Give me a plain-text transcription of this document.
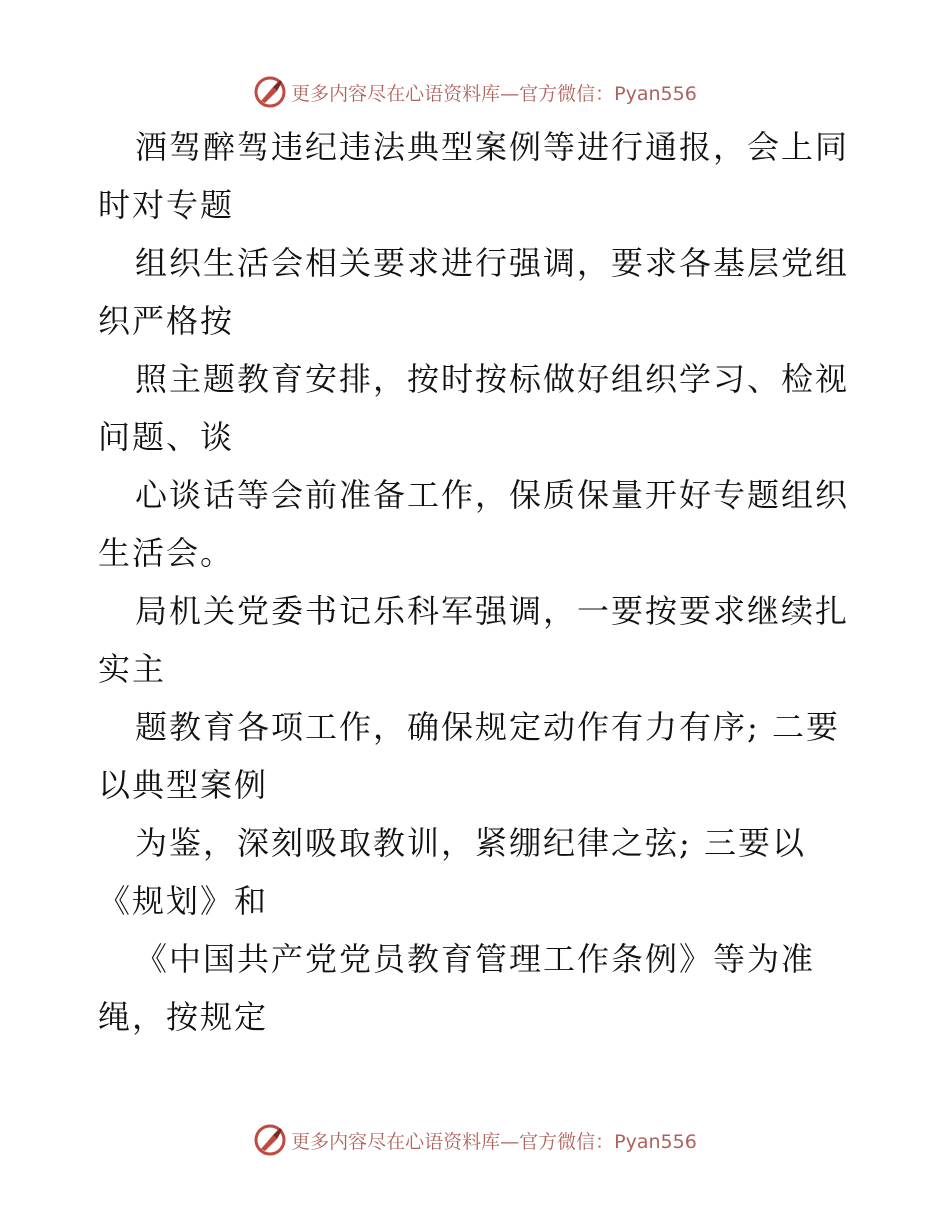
更多内容尽在心语资料库—官方微信：Pyan556

酒驾醉驾违纪违法典型案例等进行通报，会上同
时对专题

组织生活会相关要求进行强调，要求各基层党组
织严格按

照主题教育安排，按时按标做好组织学习、检视
问题、谈

心谈话等会前准备工作，保质保量开好专题组织
生活会。

局机关党委书记乐科军强调，一要按要求继续扎
实主

题教育各项工作，确保规定动作有力有序; 二要
以典型案例

为鉴，深刻吸取教训，紧绷纪律之弦; 三要以
《规划》和

《中国共产党党员教育管理工作条例》等为准
绳，按规定

更多内容尽在心语资料库—官方微信：Pyan556
